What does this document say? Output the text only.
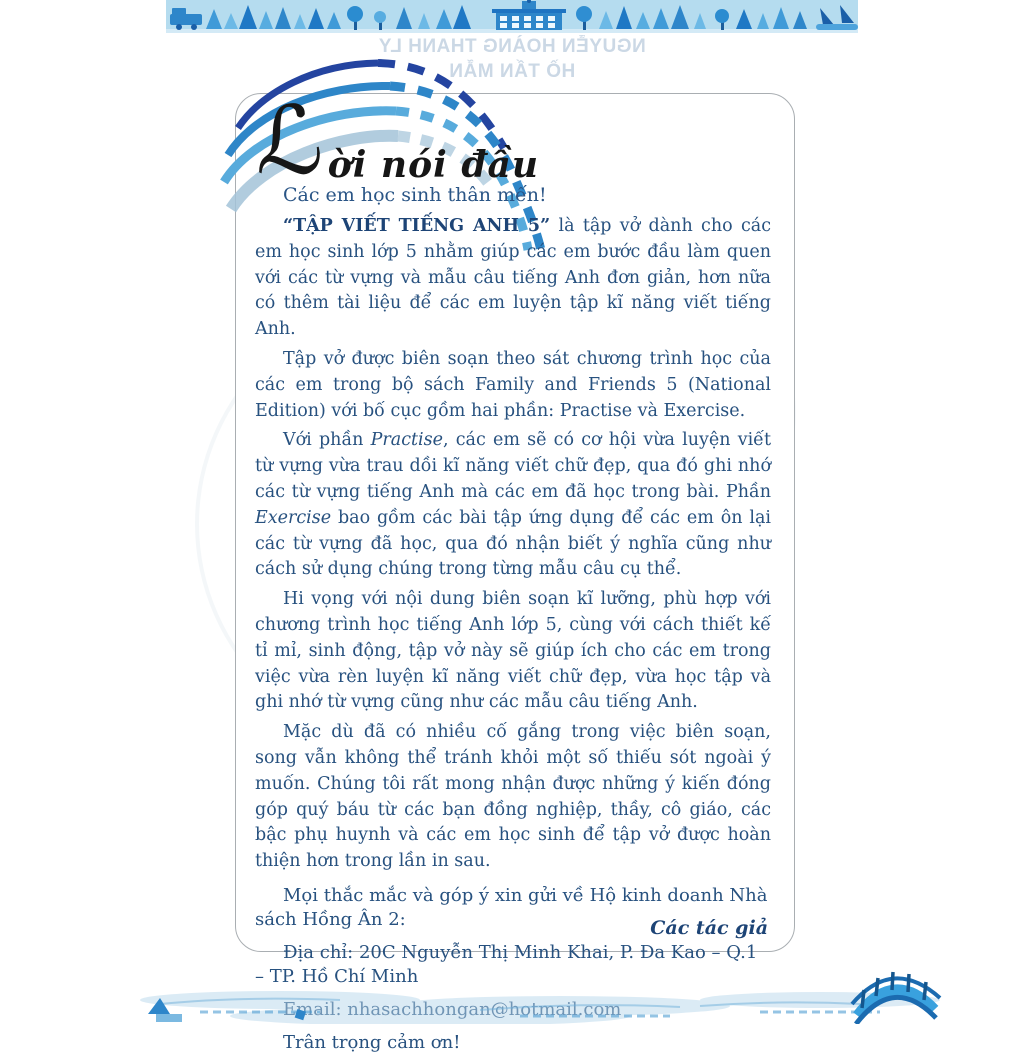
NGUYỄN HOÀNG THANH LY
HỒ TẤN MẪN
Các tác giả
ℒ ời nói đầu

Các em học sinh thân mến!

“TẬP VIẾT TIẾNG ANH 5” là tập vở dành cho các em học sinh lớp 5 nhằm giúp các em bước đầu làm quen với các từ vựng và mẫu câu tiếng Anh đơn giản, hơn nữa có thêm tài liệu để các em luyện tập kĩ năng viết tiếng Anh.

Tập vở được biên soạn theo sát chương trình học của các em trong bộ sách Family and Friends 5 (National Edition) với bố cục gồm hai phần: Practise và Exercise.

Với phần Practise, các em sẽ có cơ hội vừa luyện viết từ vựng vừa trau dồi kĩ năng viết chữ đẹp, qua đó ghi nhớ các từ vựng tiếng Anh mà các em đã học trong bài. Phần Exercise bao gồm các bài tập ứng dụng để các em ôn lại các từ vựng đã học, qua đó nhận biết ý nghĩa cũng như cách sử dụng chúng trong từng mẫu câu cụ thể.

Hi vọng với nội dung biên soạn kĩ lưỡng, phù hợp với chương trình học tiếng Anh lớp 5, cùng với cách thiết kế tỉ mỉ, sinh động, tập vở này sẽ giúp ích cho các em trong việc vừa rèn luyện kĩ năng viết chữ đẹp, vừa học tập và ghi nhớ từ vựng cũng như các mẫu câu tiếng Anh.

Mặc dù đã có nhiều cố gắng trong việc biên soạn, song vẫn không thể tránh khỏi một số thiếu sót ngoài ý muốn. Chúng tôi rất mong nhận được những ý kiến đóng góp quý báu từ các bạn đồng nghiệp, thầy, cô giáo, các bậc phụ huynh và các em học sinh để tập vở được hoàn thiện hơn trong lần in sau.

Mọi thắc mắc và góp ý xin gửi về Hộ kinh doanh Nhà sách Hồng Ân 2:

Địa chỉ: 20C Nguyễn Thị Minh Khai, P. Đa Kao – Q.1 – TP. Hồ Chí Minh

Trân trọng cảm ơn!
